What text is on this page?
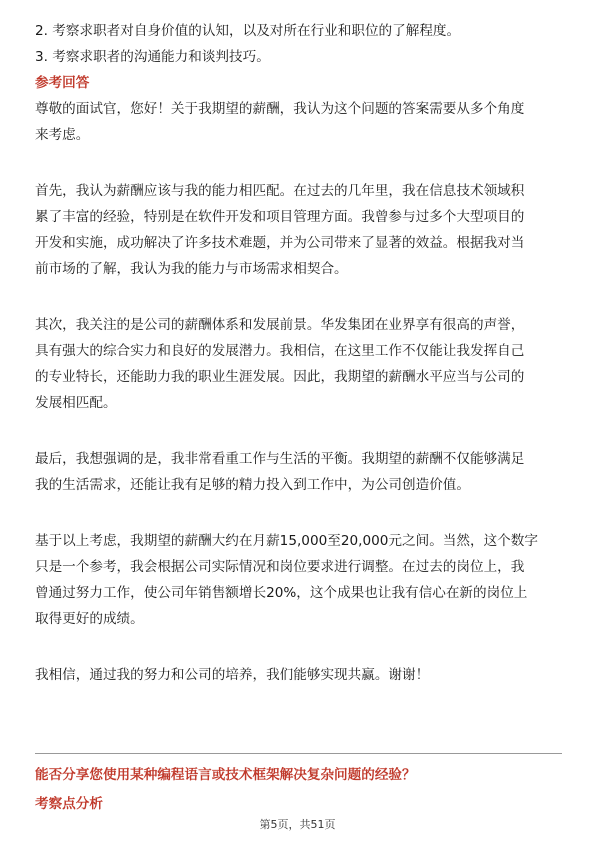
2. 考察求职者对自身价值的认知，以及对所在行业和职位的了解程度。

3. 考察求职者的沟通能力和谈判技巧。

参考回答

尊敬的面试官，您好！关于我期望的薪酬，我认为这个问题的答案需要从多个角度

来考虑。

首先，我认为薪酬应该与我的能力相匹配。在过去的几年里，我在信息技术领域积

累了丰富的经验，特别是在软件开发和项目管理方面。我曾参与过多个大型项目的

开发和实施，成功解决了许多技术难题，并为公司带来了显著的效益。根据我对当

前市场的了解，我认为我的能力与市场需求相契合。

其次，我关注的是公司的薪酬体系和发展前景。华发集团在业界享有很高的声誉，

具有强大的综合实力和良好的发展潜力。我相信，在这里工作不仅能让我发挥自己

的专业特长，还能助力我的职业生涯发展。因此，我期望的薪酬水平应当与公司的

发展相匹配。

最后，我想强调的是，我非常看重工作与生活的平衡。我期望的薪酬不仅能够满足

我的生活需求，还能让我有足够的精力投入到工作中，为公司创造价值。

基于以上考虑，我期望的薪酬大约在月薪15,000至20,000元之间。当然，这个数字

只是一个参考，我会根据公司实际情况和岗位要求进行调整。在过去的岗位上，我

曾通过努力工作，使公司年销售额增长20%，这个成果也让我有信心在新的岗位上

取得更好的成绩。

我相信，通过我的努力和公司的培养，我们能够实现共赢。谢谢！

能否分享您使用某种编程语言或技术框架解决复杂问题的经验？

考察点分析

第5页，共51页
